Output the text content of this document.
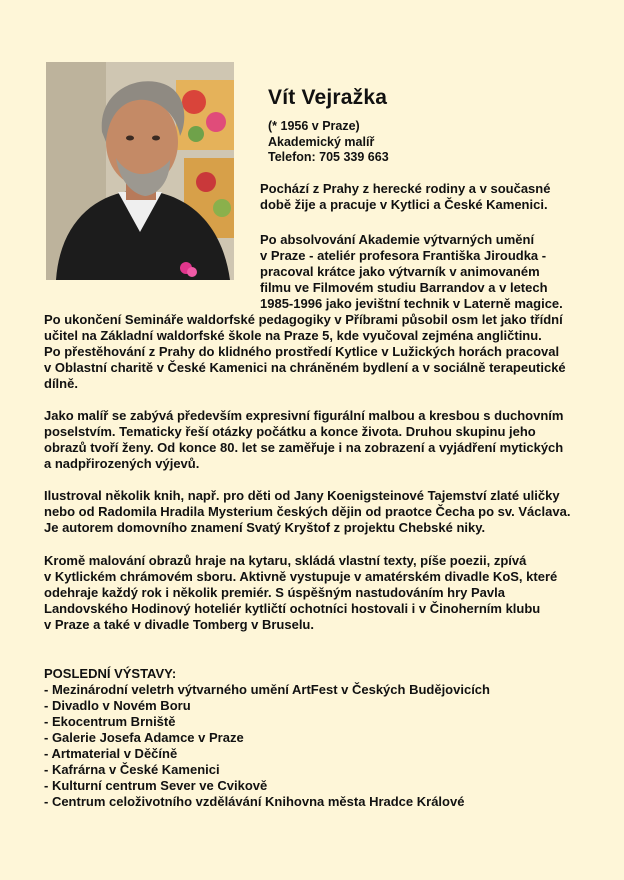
Vít Vejražka
(* 1956 v Praze)
Akademický malíř
Telefon: 705 339 663
Pochází z Prahy z herecké rodiny a v současné
době žije a pracuje v Kytlici a České Kamenici.
Po absolvování Akademie výtvarných umění
v Praze - ateliér profesora Františka Jiroudka -
pracoval krátce jako výtvarník v animovaném
filmu ve Filmovém studiu Barrandov a v letech
1985-1996 jako jevištní technik v Laterně magice.
Po ukončení Semináře waldorfské pedagogiky v Příbrami působil osm let jako třídní
učitel na Základní waldorfské škole na Praze 5, kde vyučoval zejména angličtinu.
Po přestěhování z Prahy do klidného prostředí Kytlice v Lužických horách pracoval
v Oblastní charitě v České Kamenici na chráněném bydlení a v sociálně terapeutické
dílně.
Jako malíř se zabývá především expresivní figurální malbou a kresbou s duchovním
poselstvím. Tematicky řeší otázky počátku a konce života. Druhou skupinu jeho
obrazů tvoří ženy. Od konce 80. let se zaměřuje i na zobrazení a vyjádření mytických
a nadpřirozených výjevů.
Ilustroval několik knih, např. pro děti od Jany Koenigsteinové Tajemství zlaté uličky
nebo od Radomila Hradila Mysterium českých dějin od praotce Čecha po sv. Václava.
Je autorem domovního znamení Svatý Kryštof z projektu Chebské niky.
Kromě malování obrazů hraje na kytaru, skládá vlastní texty, píše poezii, zpívá
v Kytlickém chrámovém sboru. Aktivně vystupuje v amatérském divadle KoS, které
odehraje každý rok i několik premiér. S úspěšným nastudováním hry Pavla
Landovského Hodinový hoteliér kytličtí ochotníci hostovali i v Činoherním klubu
v Praze a také v divadle Tomberg v Bruselu.
POSLEDNÍ VÝSTAVY:
- Mezinárodní veletrh výtvarného umění ArtFest v Českých Budějovicích
- Divadlo v Novém Boru
- Ekocentrum Brniště
- Galerie Josefa Adamce v Praze
- Artmaterial v Děčíně
- Kafrárna v České Kamenici
- Kulturní centrum Sever ve Cvikově
- Centrum celoživotního vzdělávání Knihovna města Hradce Králové
